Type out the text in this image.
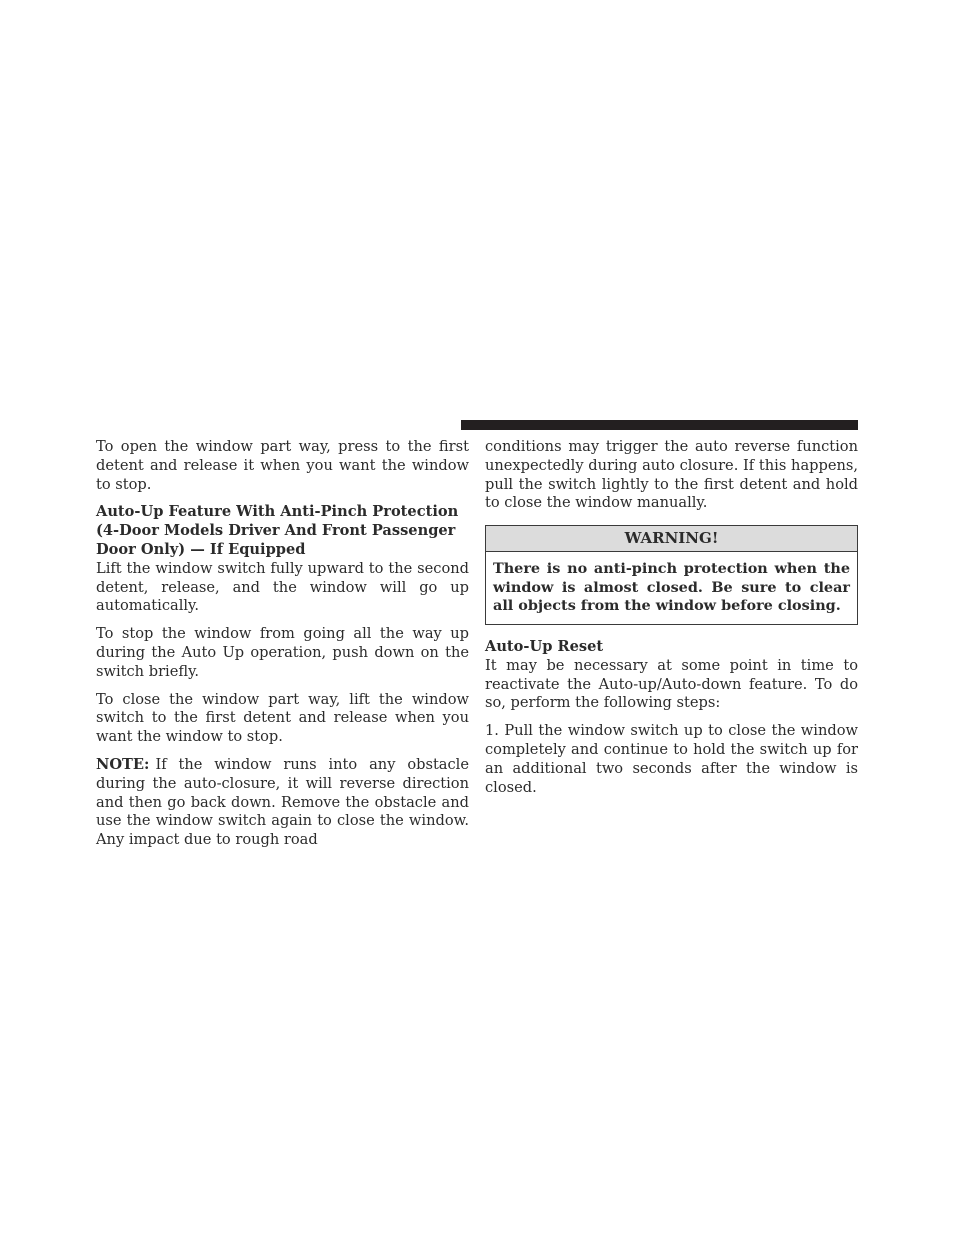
To open the window part way, press to the first detent and release it when you want the window to stop.

Auto-Up Feature With Anti-Pinch Protection (4-Door Models Driver And Front Passenger Door Only) — If Equipped

Lift the window switch fully upward to the second detent, release, and the window will go up automatically.

To stop the window from going all the way up during the Auto Up operation, push down on the switch briefly.

To close the window part way, lift the window switch to the first detent and release when you want the window to stop.

NOTE: If the window runs into any obstacle during the auto-closure, it will reverse direction and then go back down. Remove the obstacle and use the window switch again to close the window. Any impact due to rough road

conditions may trigger the auto reverse function unexpectedly during auto closure. If this happens, pull the switch lightly to the first detent and hold to close the window manually.

WARNING!
There is no anti-pinch protection when the window is almost closed. Be sure to clear all objects from the window before closing.
Auto-Up Reset

It may be necessary at some point in time to reactivate the Auto-up/Auto-down feature. To do so, perform the following steps:

1. Pull the window switch up to close the window completely and continue to hold the switch up for an additional two seconds after the window is closed.
